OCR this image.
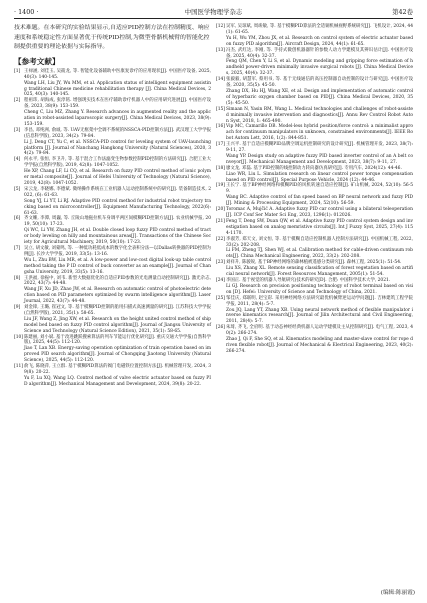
· 1400 ·	中国医学物理学杂志	第42卷

技术难题。在本研究的实验结果显示,自适应PID控制方法在控制精度、响应速度和系统稳定性方面显著优于传统PID控制,为微型骨骼机械臂的智能化控制提供重要的理论依据与实际指导。

【参考文献】
[1] 王禄涵, 刘佳玉, 吴筱龙, 等. 智能化设备辅助中医康复诊疗的应用现状[J]. 中国医疗设备, 2025, 40(3): 140-145.
Wang LH, Liu JY, Wu MM, et al. Application status of intelligent equipment assisting traditional Chinese medicine rehabilitation therapy [J]. China Medical Devices, 2025, 40(3): 140-145.
[2] 程祖玮, 胡海成, 张淳铭. 增强现实技术在医疗辅助诊疗机器人中的应用研究进展[J]. 中国医疗设备, 2023, 38(9): 153-159.
Cheng C, Liu MZ, Zhang Y. Research advances in augmented reality and the application in robot-assisted laparoscopic surgery[J]. China Medical Devices, 2023, 38(9): 153-159.
[3] 李昌, 邓纯洲, 俞诚, 等. UAV无框架中全调不系统的NSSCA-PID控制方法[J]. 武汉理工大学学报(信息科学版), 2023, 34(2): 79-84.
Li J, Deng CT, Yu C, et al. NSSCA-PID control for leveling system of UAV-launching platform [J]. Journal of Nanchang Hangkong University (Natural Sciences), 2020, 34(2): 79-84.
[4] 何永平, 张恒, 李卫升, 等. 基于混合工作法滤变生物参数控制PID控制的方法研究[J]. 合肥工业大学学报(自然科学版), 2019, 42(8): 1047-1052.
He XP, Chang LF, Li CQ, et al. Research on fuzzy PID control method of ionic polymer metal composite[J]. Journal of Hefei University of Technology (Natural Science), 2019, 42(8): 1047-1052.
[5] 宋云龙, 李晓娜, 李德斌. 微纳操作系统在工业机器人运动控制系统中的研究[J]. 装备制造技术, 2022, (6): 61-63.
Song YJ, Li YT, Li RJ. Adaptive PID control method for industrial robot trajectory tracking based on microcontroller[J]. Equipment Manufacturing Technology, 2022(6): 61-63.
[6] 齐文姗, 李潭, 周巍, 等. 丘陵山地拖拉机车身调平两区间模糊PID控制方法[J]. 农业机械学报, 2019, 50(10): 17-23.
Qi WC, Li YW, Zhang JH, et al. Double closed loop fuzzy PID control method of tractor body leveling on hilly and mountainous areas[J]. Transactions of the Chinese Society for Agricultural Machinery, 2019, 50(10): 17-23.
[7] 吴立, 胡文敏, 刘蒙鸣, 等. 一种低功耗低成本的数字化全表积分法—以Dallas转换器的PID控制为例[J]. 长沙大学学报, 2019, 33(5): 13-16.
Wu L, Zhu BW, Liu MR, et al. A low-power and low-cost digital look-up table control method taking the P ID control of buck converter as an example[J]. Journal of Changsha University, 2019, 33(5): 13-16.
[8] 王洪福, 徐振中, 刘韦. 新型大数据优化的自适应PID参数的光电测量自动控制研究[J]. 激光杂志, 2022, 43(7): 44-48.
Wang JF, Xu JD, Zhao JW, et al. Research on automatic control of photoelectric detection based on PID parameters optimized by swarm intelligence algorithm[J]. Laser Journal, 2022, 43(7): 44-48.
[9] 刘金锋, 王璐, 崔冠文, 等. 基于模糊PID控制的船用扫描式高速测量的研究[J]. 江苏科技大学学报(自然科学版), 2021, 35(1): 58-65.
Liu JF, Wang Z, Jing XW, et al. Research on the height united control method of ship model bed based on fuzzy PID control algorithm[J]. Journal of Jiangsu University of Science and Technology (Natural Science Edition), 2021, 35(1): 58-65.
[10] 陈建丽, 刘小斌. 基于改进跳跃搜索算法的列车节能运行优化研究[J]. 重庆交通大学学报(自然科学版), 2025, 44(5): 112-120.
Jiao T, Lan XB. Energy-saving operation optimization of train operation based on improved PID search algorithm[J]. Journal of Chongqing Jiaotong University (Natural Science), 2025, 44(5): 112-120.
[11] 俞飞, 陈晓萍, 王立群. 基于模糊PID算法的阀门电磁铁位置控制方法[J]. 机械管理开发, 2024, 39(8): 20-22.
Yu F, Lu XQ, Wang LQ. Control method of valve electric actuator based on fuzzy PID algorithm[J]. Mechanical Management and Development, 2024, 39(8): 20-22.
[12] 吴军, 吴琼斌, 周竣敏, 等. 基于模糊PID算法的全适铜机械视野系统研究[J]. 飞机设计, 2024, 44(1): 61-65.
Yu H, Wu YM, Zhou JX, et al. Research on control system of electric actuator based on fuzzy PID algorithm[J]. Aircraft Design, 2024, 44(1): 61-65.
[13] 冯杰, 武红达, 李刚, 等. 手持式微创机器器针的参数人动力学建模及其辨识估计[J]. 中国医疗设备, 2025, 40(4): 32-37.
Feng QM, Chen Y, Li S, et al. Dynamic modeling and gripping force estimation of handheld power-driven minimally invasive surgical robots [J]. China Medical Devices, 2025, 40(4): 32-37.
[14] 张毅毅, 胡慧军, 蔡用书, 等. 基于无线通信的高压控制器自动控制的设计与研究[J]. 中国医疗设备, 2020, 35(5): 45-50.
Zhang DX, Hu HJ, Wang XE, et al. Design and implementation of automatic control of hyperbaric oxygen chamber based on PID[J]. China Medical Devices, 2020, 35(5): 45-50.
[15] Simaan N, Yasin RM, Wang L. Medical technologies and challenges of robot-assisted minimally invasive intervention and diagnostics[J]. Annu Rev Control Robot Auton Syst, 2018, 1: 465-490.
[16] Vip MC, Camarillo DB. Model-less hybrid position/force control: a minimalist approach for continuum manipulators in unknown, constrained environments[J]. IEEE Robot Autom Lett, 2016, 1(2): 844-851.
[17] 王兴平. 基于自适应模糊PID品牌空调运机控制研究的设计研究[J]. 机械管理开发, 2023, 38(7): 9-11, 27.
Wang YP. Design study on adaptive fuzzy PID based inverter control of an A belt conveyor[J]. Mechanical Management and Development, 2023, 38(7): 9-11, 27.
[18] 廖文龙, 邓磊. 基于PID控制的线控制动力转向器仿真研究[J]. 专用汽车, 2024(12): 44-46.
Liao WR, Liu L. Simulation research on linear control power torque compensation based on PID control[J]. Special Purpose Vehicle, 2024 (12): 44-46.
[19] 王长宁. 基于BP神经网络和模糊PID的风机转速自适应控制[J]. 矿山机械, 2024, 52(10): 56-59.
Wang BC. Adaptive control of fan speed based on BP neural network and fuzzy PID[J]. Mining & Processing Equipment, 2024, 52(10): 56-59.
[20] Toromac A, Mujčić A. Adaptive fuzzy PID car control using a bilateral teleoperation[J]. ICP Conf Ser Mater Sci Eng, 2023, 1296(1): 012026.
[21] Feng T, Deng SW, Duan QW, et al. Adaptive fuzzy PID control system design and investigation based on analog memristive circuits[J]. Int J Fuzzy Syst, 2025, 27(4): 1154-1170.
[22] 李淑芳, 郑天文, 刘文恒, 等. 基于模糊自适应控制机器人控制方法研究[J]. 中国机械工程, 2022, 33(2): 202-208.
Li FM, Zheng TJ, Shen WJ, et al. Calibration method for cable-driven continuum robots[J]. China Mechanical Engineering, 2022, 33(2): 202-208.
[23] 刘祥升, 陈骏锐, 基于BP神经网络的森林植被遥感分类研究[J]. 森林工程, 2025(1): 51-54.
Liu XS, Zhang XL. Remote sensing classification of forest vegetation based on artificial neural network[J]. Forest Resources Management, 2005(1): 51-54.
[24] 李国正. 基于视觉的机器人导航研究(技术的研究[D]. 合肥: 中国科学技术大学, 2021.
Li GJ. Research on precision positioning technology of robot terminal based on vision [D]. Hefei: University of Science and Technology of China, 2021.
[25] 邹佳庆, 郑联明, 赵宝彩. 采用神经网络方法研究最优机械臂逆运动学问题[J]. 吉林建筑工程学院学报, 2011, 28(4): 5-7.
Zou JQ, Lang YT, Zhang XB. Using neural network method of flexible manipulator inverse kinematics research[J]. Journal of Jilin Architectural and Civil Engineering, 2011, 28(4): 5-7.
[26] 朱琦, 齐飞, 全府明. 基于动态神经经典机器人运动学建模及主从控制研究[J]. 电气工程, 2023, 40(2): 266-274.
Zhao J, Qi F, She SQ, et al. Kinematics modeling and master-slave control for rope driven flexible robot[J]. Journal of Mechanical & Electrical Engineering, 2023, 40(2): 266-274.
(编辑:陈丽霞)
